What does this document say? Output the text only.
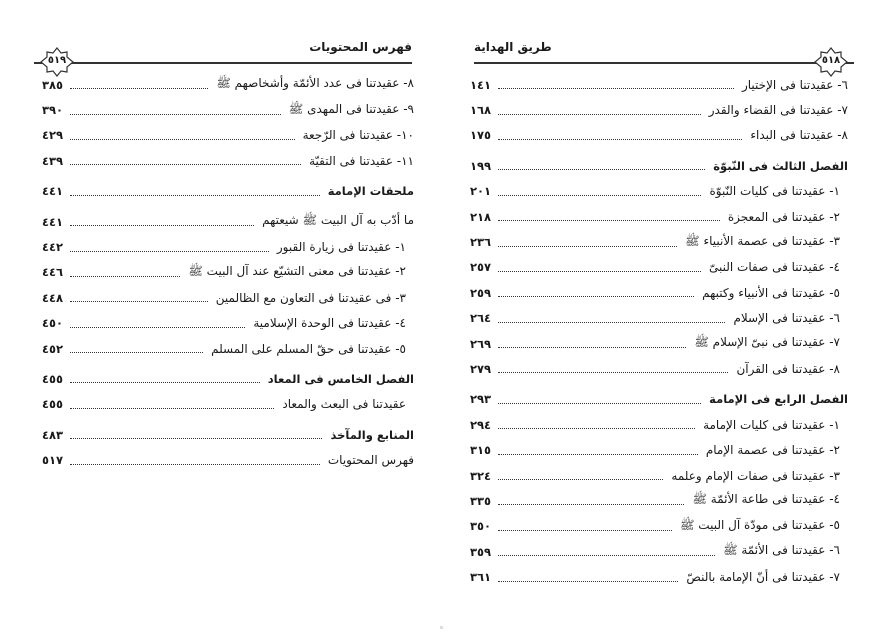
فهرس المحتويات
٥١٩
٨- عقيدتنا فى عدد الأئمّة وأشخاصهم ﷺ
٣٨٥
٩- عقيدتنا فى المهدى ﷺ
٣٩٠
١٠- عقيدتنا فى الرّجعة
٤٢٩
١١- عقيدتنا فى التقيّة
٤٣٩
ملحقات الإمامة
٤٤١
ما أدّب به آل البيت ﷺ شيعتهم
٤٤١
١- عقيدتنا فى زيارة القبور
٤٤٢
٢- عقيدتنا فى معنى التشيّع عند آل البيت ﷺ
٤٤٦
٣- فى عقيدتنا فى التعاون مع الظالمين
٤٤٨
٤- عقيدتنا فى الوحدة الإسلامية
٤٥٠
٥- عقيدتنا فى حقّ المسلم على المسلم
٤٥٢
الفصل الخامس فى المعاد
٤٥٥
عقيدتنا فى البعث والمعاد
٤٥٥
المنابع والمآخذ
٤٨٣
فهرس المحتويات
٥١٧
طريق الهداية
٥١٨
٦- عقيدتنا فى الإختيار
١٤١
٧- عقيدتنا فى القضاء والقدر
١٦٨
٨- عقيدتنا فى البداء
١٧٥
الفصل الثالث فى النّبوّة
١٩٩
١- عقيدتنا فى كليات النّبوّة
٢٠١
٢- عقيدتنا فى المعجزة
٢١٨
٣- عقيدتنا فى عصمة الأنبياء ﷺ
٢٣٦
٤- عقيدتنا فى صفات النبىّ
٢٥٧
٥- عقيدتنا فى الأنبياء وكتبهم
٢٥٩
٦- عقيدتنا فى الإسلام
٢٦٤
٧- عقيدتنا فى نبىّ الإسلام ﷺ
٢٦٩
٨- عقيدتنا فى القرآن
٢٧٩
الفصل الرابع فى الإمامة
٢٩٣
١- عقيدتنا فى كليات الإمامة
٢٩٤
٢- عقيدتنا فى عصمة الإمام
٣١٥
٣- عقيدتنا فى صفات الإمام وعلمه
٣٢٤
٤- عقيدتنا فى طاعة الأئمّة ﷺ
٣٣٥
٥- عقيدتنا فى مودّة آل البيت ﷺ
٣٥٠
٦- عقيدتنا فى الأئمّة ﷺ
٣٥٩
٧- عقيدتنا فى أنّ الإمامة بالنصّ
٣٦١
